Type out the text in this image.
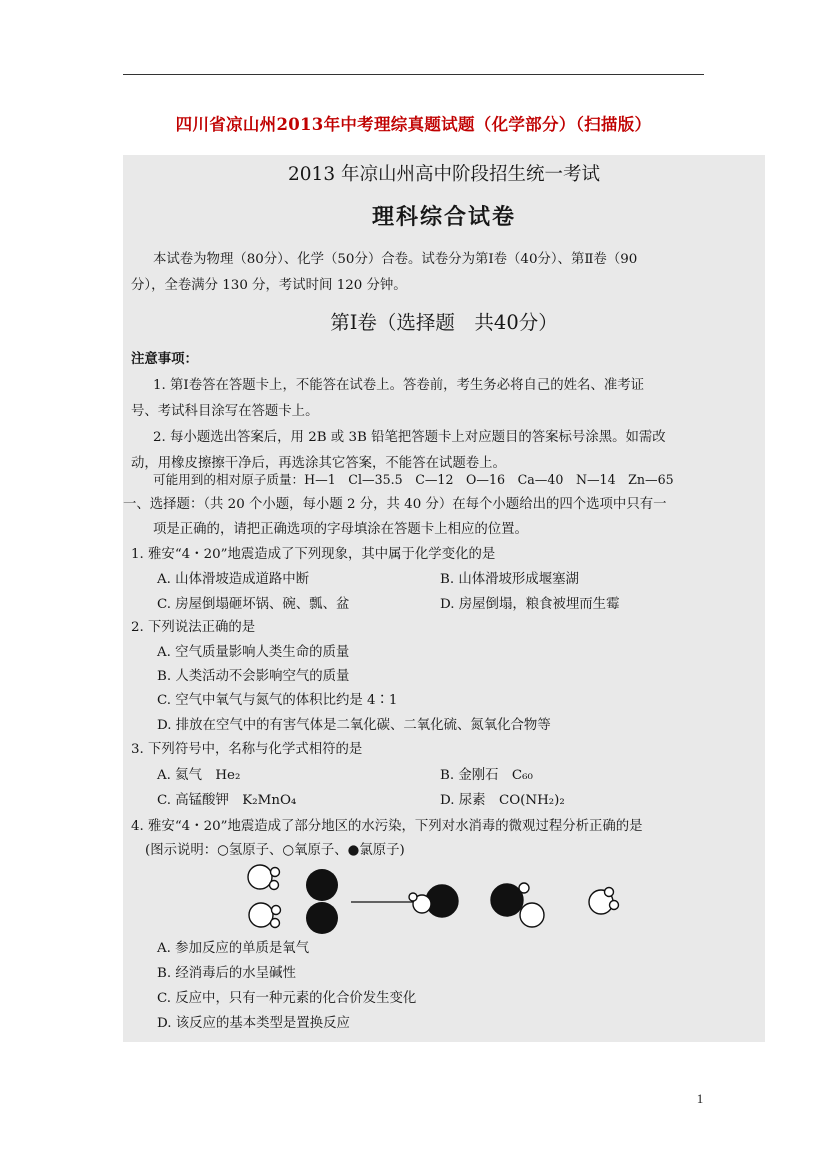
四川省凉山州2013年中考理综真题试题（化学部分）（扫描版）
2013 年凉山州高中阶段招生统一考试
理科综合试卷
本试卷为物理（80分）、化学（50分）合卷。试卷分为第Ⅰ卷（40分）、第Ⅱ卷（90
分），全卷满分 130 分，考试时间 120 分钟。
第Ⅰ卷（选择题　共40分）
注意事项：
1. 第Ⅰ卷答在答题卡上，不能答在试卷上。答卷前，考生务必将自己的姓名、准考证
号、考试科目涂写在答题卡上。
2. 每小题选出答案后，用 2B 或 3B 铅笔把答题卡上对应题目的答案标号涂黑。如需改
动，用橡皮擦擦干净后，再选涂其它答案，不能答在试题卷上。
可能用到的相对原子质量：H—1　Cl—35.5　C—12　O—16　Ca—40　N—14　Zn—65
一、选择题：（共 20 个小题，每小题 2 分，共 40 分）在每个小题给出的四个选项中只有一
项是正确的，请把正确选项的字母填涂在答题卡上相应的位置。
1. 雅安“4・20”地震造成了下列现象，其中属于化学变化的是
A. 山体滑坡造成道路中断	B. 山体滑坡形成堰塞湖
C. 房屋倒塌砸坏锅、碗、瓢、盆	D. 房屋倒塌，粮食被埋而生霉
2. 下列说法正确的是
A. 空气质量影响人类生命的质量
B. 人类活动不会影响空气的质量
C. 空气中氧气与氮气的体积比约是 4∶1
D. 排放在空气中的有害气体是二氧化碳、二氧化硫、氮氧化合物等
3. 下列符号中，名称与化学式相符的是
A. 氦气　He₂	B. 金刚石　C₆₀
C. 高锰酸钾　K₂MnO₄	D. 尿素　CO(NH₂)₂
4. 雅安“4・20”地震造成了部分地区的水污染，下列对水消毒的微观过程分析正确的是
(图示说明：○氢原子、○氧原子、●氯原子)
A. 参加反应的单质是氧气
B. 经消毒后的水呈碱性
C. 反应中，只有一种元素的化合价发生变化
D. 该反应的基本类型是置换反应
1
